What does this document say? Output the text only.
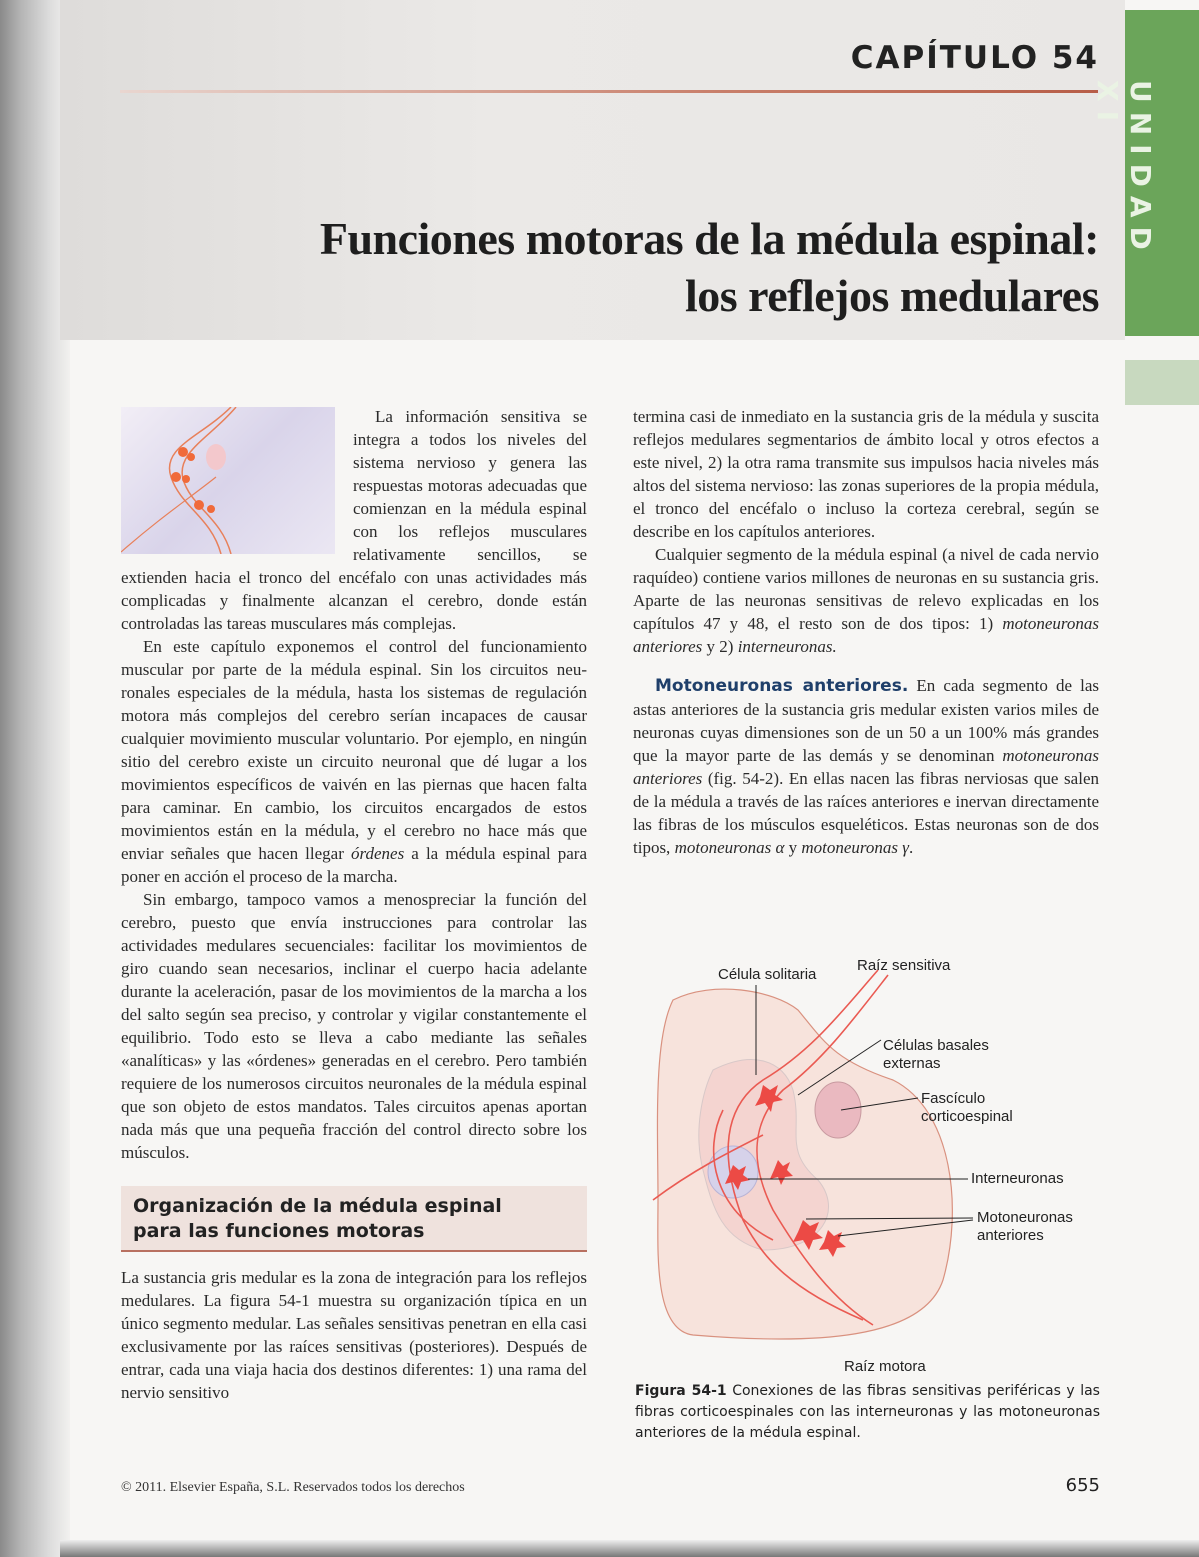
CAPÍTULO 54
Funciones motoras de la médula espinal:
los reflejos medulares
UNIDAD XI

La información sensitiva se integra a todos los niveles del sistema nervioso y genera las respuestas motoras adecuadas que comienzan en la médula espinal con los reflejos musculares relativamente sencillos, se extienden hacia el tronco del encéfalo con unas actividades más complicadas y finalmente alcanzan el cerebro, donde están controladas las tareas musculares más complejas.

En este capítulo exponemos el control del funcionamiento muscular por parte de la médula espinal. Sin los circuitos neuronales especiales de la médula, hasta los sistemas de regulación motora más complejos del cerebro serían incapaces de causar cualquier movimiento muscular voluntario. Por ejemplo, en ningún sitio del cerebro existe un circuito neuronal que dé lugar a los movimientos específicos de vaivén en las piernas que hacen falta para caminar. En cambio, los circuitos encargados de estos movimientos están en la médula, y el cerebro no hace más que enviar señales que hacen llegar órdenes a la médula espinal para poner en acción el proceso de la marcha.

Sin embargo, tampoco vamos a menospreciar la función del cerebro, puesto que envía instrucciones para controlar las actividades medulares secuenciales: facilitar los movimientos de giro cuando sean necesarios, inclinar el cuerpo hacia adelante durante la aceleración, pasar de los movimientos de la marcha a los del salto según sea preciso, y controlar y vigilar constantemente el equilibrio. Todo esto se lleva a cabo mediante las señales «analíticas» y las «órdenes» generadas en el cerebro. Pero también requiere de los numerosos circuitos neuronales de la médula espinal que son objeto de estos mandatos. Tales circuitos apenas aportan nada más que una pequeña fracción del control directo sobre los músculos.

Organización de la médula espinal
para las funciones motoras

La sustancia gris medular es la zona de integración para los reflejos medulares. La figura 54-1 muestra su organización típica en un único segmento medular. Las señales sensitivas penetran en ella casi exclusivamente por las raíces sensitivas (posteriores). Después de entrar, cada una viaja hacia dos destinos diferentes: 1) una rama del nervio sensitivo

termina casi de inmediato en la sustancia gris de la médula y suscita reflejos medulares segmentarios de ámbito local y otros efectos a este nivel, 2) la otra rama transmite sus impulsos hacia niveles más altos del sistema nervioso: las zonas superiores de la propia médula, el tronco del encéfalo o incluso la corteza cerebral, según se describe en los capítulos anteriores.

Cualquier segmento de la médula espinal (a nivel de cada nervio raquídeo) contiene varios millones de neuronas en su sustancia gris. Aparte de las neuronas sensitivas de relevo explicadas en los capítulos 47 y 48, el resto son de dos tipos: 1) motoneuronas anteriores y 2) interneuronas.

Motoneuronas anteriores. En cada segmento de las astas anteriores de la sustancia gris medular existen varios miles de neuronas cuyas dimensiones son de un 50 a un 100% más grandes que la mayor parte de las demás y se denominan motoneuronas anteriores (fig. 54-2). En ellas nacen las fibras nerviosas que salen de la médula a través de las raíces anteriores e inervan directamente las fibras de los músculos esqueléticos. Estas neuronas son de dos tipos, motoneuronas α y motoneuronas γ.

Célula solitaria
Raíz sensitiva
Células basales
externas
Fascículo
corticoespinal
Interneuronas
Motoneuronas
anteriores
Raíz motora
Figura 54-1 Conexiones de las fibras sensitivas periféricas y las fibras corticoespinales con las interneuronas y las motoneuronas anteriores de la médula espinal.
© 2011. Elsevier España, S.L. Reservados todos los derechos	655
